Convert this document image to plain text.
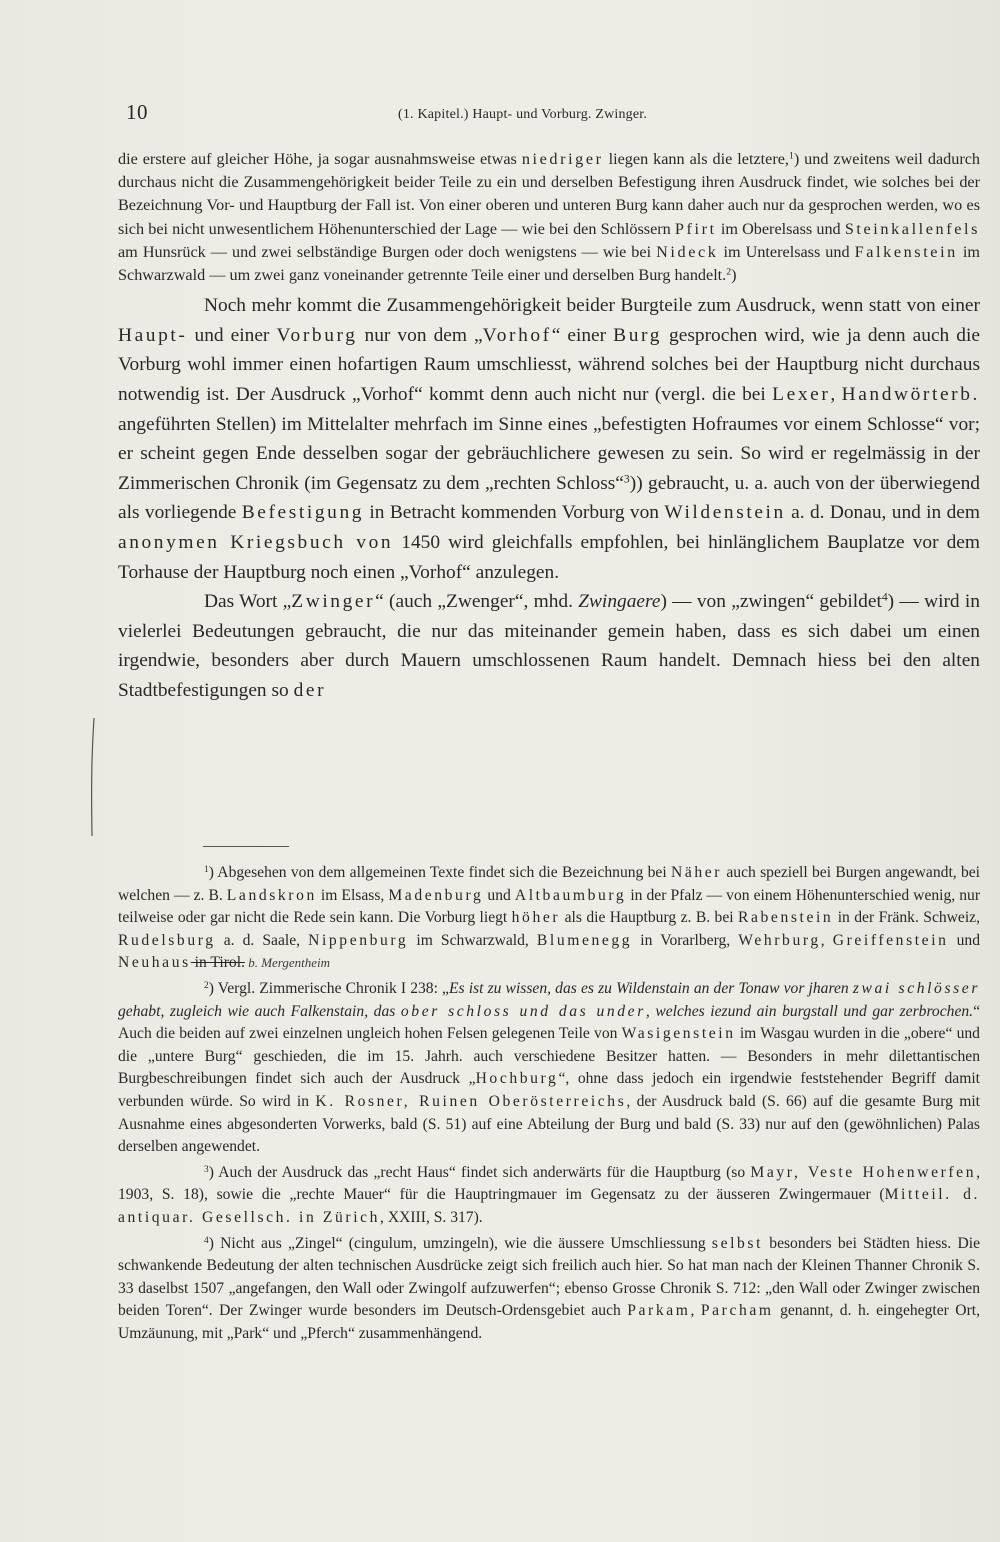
10	(1. Kapitel.) Haupt- und Vorburg. Zwinger.

die erstere auf gleicher Höhe, ja sogar ausnahmsweise etwas niedriger liegen kann als die letztere,$^1$) und zweitens weil dadurch durchaus nicht die Zusammengehörigkeit beider Teile zu ein und derselben Befestigung ihren Ausdruck findet, wie solches bei der Bezeichnung Vor- und Hauptburg der Fall ist. Von einer oberen und unteren Burg kann daher auch nur da gesprochen werden, wo es sich bei nicht unwesentlichem Höhenunterschied der Lage — wie bei den Schlössern Pfirt im Oberelsass und Steinkallenfels am Hunsrück — und zwei selbständige Burgen oder doch wenigstens — wie bei Nideck im Unterelsass und Falkenstein im Schwarzwald — um zwei ganz voneinander getrennte Teile einer und derselben Burg handelt.$^2$)

Noch mehr kommt die Zusammengehörigkeit beider Burgteile zum Ausdruck, wenn statt von einer Haupt- und einer Vorburg nur von dem „Vorhof“ einer Burg gesprochen wird, wie ja denn auch die Vorburg wohl immer einen hofartigen Raum umschliesst, während solches bei der Hauptburg nicht durchaus notwendig ist. Der Ausdruck „Vorhof“ kommt denn auch nicht nur (vergl. die bei Lexer, Handwörterb. angeführten Stellen) im Mittelalter mehrfach im Sinne eines „befestigten Hofraumes vor einem Schlosse“ vor; er scheint gegen Ende desselben sogar der gebräuchlichere gewesen zu sein. So wird er regelmässig in der Zimmerischen Chronik (im Gegensatz zu dem „rechten Schloss“$^3$)) gebraucht, u. a. auch von der überwiegend als vorliegende Befestigung in Betracht kommenden Vorburg von Wildenstein a. d. Donau, und in dem anonymen Kriegsbuch von 1450 wird gleichfalls empfohlen, bei hinlänglichem Bauplatze vor dem Torhause der Hauptburg noch einen „Vorhof“ anzulegen.

Das Wort „Zwinger“ (auch „Zwenger“, mhd. Zwingaere) — von „zwingen“ gebildet$^4$) — wird in vielerlei Bedeutungen gebraucht, die nur das miteinander gemein haben, dass es sich dabei um einen irgendwie, besonders aber durch Mauern umschlossenen Raum handelt. Demnach hiess bei den alten Stadtbefestigungen so der

$^1$) Abgesehen von dem allgemeinen Texte findet sich die Bezeichnung bei Näher auch speziell bei Burgen angewandt, bei welchen — z. B. Landskron im Elsass, Madenburg und Altbaumburg in der Pfalz — von einem Höhenunterschied wenig, nur teilweise oder gar nicht die Rede sein kann. Die Vorburg liegt höher als die Hauptburg z. B. bei Rabenstein in der Fränk. Schweiz, Rudelsburg a. d. Saale, Nippenburg im Schwarzwald, Blumenegg in Vorarlberg, Wehrburg, Greiffenstein und Neuhaus in Tirol. b. Mergentheim

$^2$) Vergl. Zimmerische Chronik I 238: „Es ist zu wissen, das es zu Wildenstain an der Tonaw vor jharen zwai schlösser gehabt, zugleich wie auch Falkenstain, das ober schloss und das under, welches iezund ain burgstall und gar zerbrochen.“ Auch die beiden auf zwei einzelnen ungleich hohen Felsen gelegenen Teile von Wasigenstein im Wasgau wurden in die „obere“ und die „untere Burg“ geschieden, die im 15. Jahrh. auch verschiedene Besitzer hatten. — Besonders in mehr dilettantischen Burgbeschreibungen findet sich auch der Ausdruck „Hochburg“, ohne dass jedoch ein irgendwie feststehender Begriff damit verbunden würde. So wird in K. Rosner, Ruinen Oberösterreichs, der Ausdruck bald (S. 66) auf die gesamte Burg mit Ausnahme eines abgesonderten Vorwerks, bald (S. 51) auf eine Abteilung der Burg und bald (S. 33) nur auf den (gewöhnlichen) Palas derselben angewendet.

$^3$) Auch der Ausdruck das „recht Haus“ findet sich anderwärts für die Hauptburg (so Mayr, Veste Hohenwerfen, 1903, S. 18), sowie die „rechte Mauer“ für die Hauptringmauer im Gegensatz zu der äusseren Zwingermauer (Mitteil. d. antiquar. Gesellsch. in Zürich, XXIII, S. 317).

$^4$) Nicht aus „Zingel“ (cingulum, umzingeln), wie die äussere Umschliessung selbst besonders bei Städten hiess. Die schwankende Bedeutung der alten technischen Ausdrücke zeigt sich freilich auch hier. So hat man nach der Kleinen Thanner Chronik S. 33 daselbst 1507 „angefangen, den Wall oder Zwingolf aufzuwerfen“; ebenso Grosse Chronik S. 712: „den Wall oder Zwinger zwischen beiden Toren“. Der Zwinger wurde besonders im Deutsch-Ordensgebiet auch Parkam, Parcham genannt, d. h. eingehegter Ort, Umzäunung, mit „Park“ und „Pferch“ zusammenhängend.
